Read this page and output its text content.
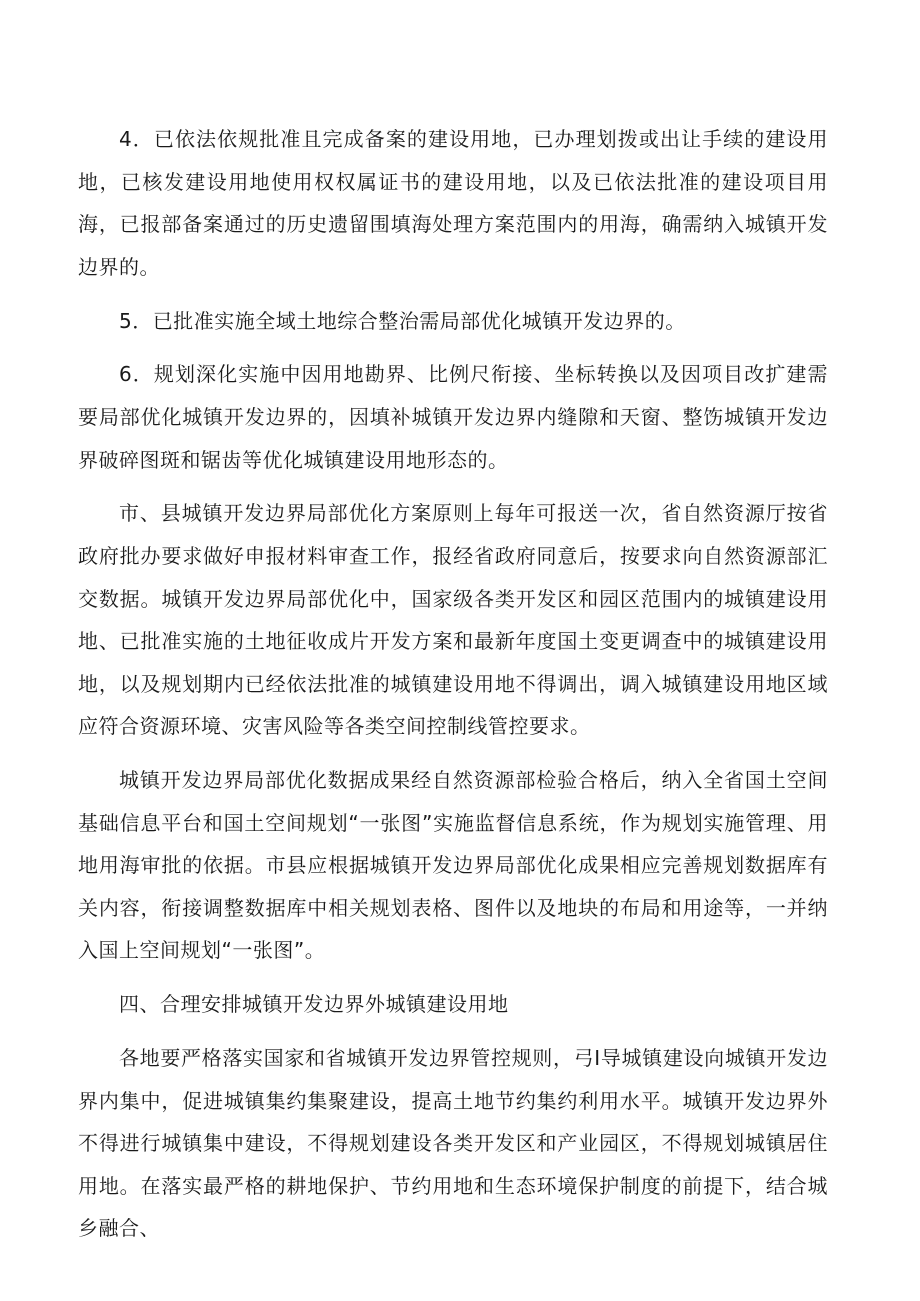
4．已依法依规批准且完成备案的建设用地，已办理划拨或出让手续的建设用地，已核发建设用地使用权权属证书的建设用地，以及已依法批准的建设项目用海，已报部备案通过的历史遗留围填海处理方案范围内的用海，确需纳入城镇开发边界的。

5．已批准实施全域土地综合整治需局部优化城镇开发边界的。

6．规划深化实施中因用地勘界、比例尺衔接、坐标转换以及因项目改扩建需要局部优化城镇开发边界的，因填补城镇开发边界内缝隙和天窗、整饬城镇开发边界破碎图斑和锯齿等优化城镇建设用地形态的。

市、县城镇开发边界局部优化方案原则上每年可报送一次，省自然资源厅按省政府批办要求做好申报材料审查工作，报经省政府同意后，按要求向自然资源部汇交数据。城镇开发边界局部优化中，国家级各类开发区和园区范围内的城镇建设用地、已批准实施的土地征收成片开发方案和最新年度国土变更调查中的城镇建设用地，以及规划期内已经依法批准的城镇建设用地不得调出，调入城镇建设用地区域应符合资源环境、灾害风险等各类空间控制线管控要求。

城镇开发边界局部优化数据成果经自然资源部检验合格后，纳入全省国土空间基础信息平台和国土空间规划“一张图”实施监督信息系统，作为规划实施管理、用地用海审批的依据。市县应根据城镇开发边界局部优化成果相应完善规划数据库有关内容，衔接调整数据库中相关规划表格、图件以及地块的布局和用途等，一并纳入国上空间规划“一张图”。

四、合理安排城镇开发边界外城镇建设用地

各地要严格落实国家和省城镇开发边界管控规则，弓I导城镇建设向城镇开发边界内集中，促进城镇集约集聚建设，提高土地节约集约利用水平。城镇开发边界外不得进行城镇集中建设，不得规划建设各类开发区和产业园区，不得规划城镇居住用地。在落实最严格的耕地保护、节约用地和生态环境保护制度的前提下，结合城乡融合、
